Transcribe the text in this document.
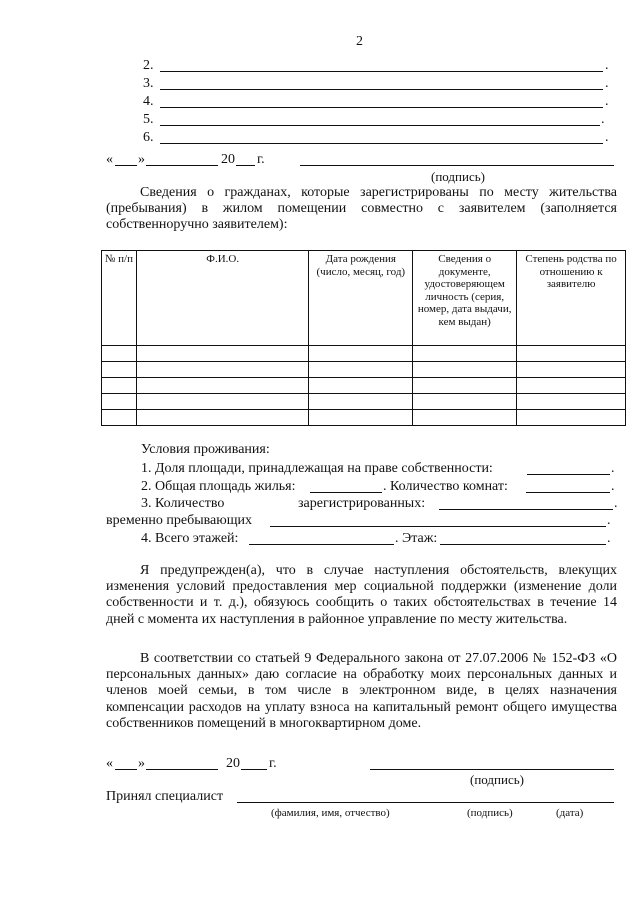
2
2.	.
3.	.
4.	.
5.	.
6.	.
« »	20 г.
(подпись)
Сведения о гражданах, которые зарегистрированы по месту жительства (пребывания) в жилом помещении совместно с заявителем (заполняется собственноручно заявителем):
№ п/п	Ф.И.О.	Дата рождения (число, месяц, год)	Сведения о документе, удостоверяющем личность (серия, номер, дата выдачи, кем выдан)	Степень родства по отношению к заявителю

Условия проживания:
1. Доля площади, принадлежащая на праве собственности:	.
2. Общая площадь жилья:	. Количество комнат:	.
3. Количество	зарегистрированных:	.
временно пребывающих	.
4. Всего этажей:	. Этаж:	.
Я предупрежден(а), что в случае наступления обстоятельств, влекущих изменения условий предоставления мер социальной поддержки (изменение доли собственности и т. д.), обязуюсь сообщить о таких обстоятельствах в течение 14 дней с момента их наступления в районное управление по месту жительства.
В соответствии со статьей 9 Федерального закона от 27.07.2006 № 152-ФЗ «О персональных данных» даю согласие на обработку моих персональных данных и членов моей семьи, в том числе в электронном виде, в целях назначения компенсации расходов на уплату взноса на капитальный ремонт общего имущества собственников помещений в многоквартирном доме.
« »	20 г.
(подпись)
Принял специалист
(фамилия, имя, отчество)	(подпись)	(дата)
